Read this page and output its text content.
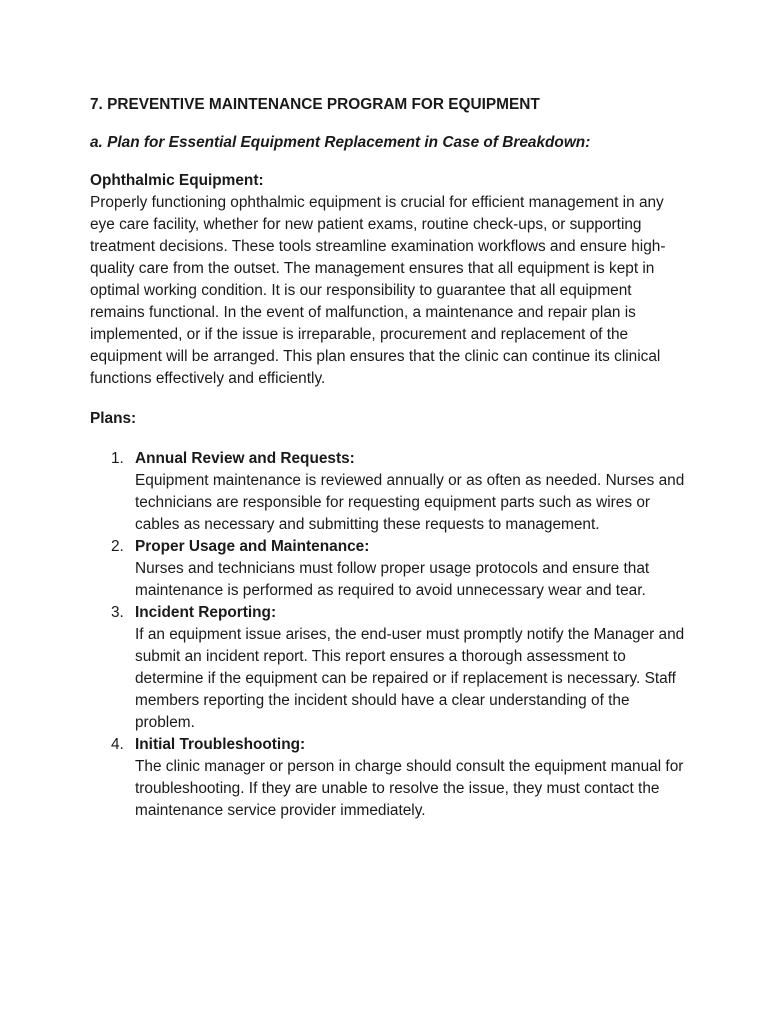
7. PREVENTIVE MAINTENANCE PROGRAM FOR EQUIPMENT

a. Plan for Essential Equipment Replacement in Case of Breakdown:

Ophthalmic Equipment:

Properly functioning ophthalmic equipment is crucial for efficient management in any eye care facility, whether for new patient exams, routine check-ups, or supporting treatment decisions. These tools streamline examination workflows and ensure high-quality care from the outset. The management ensures that all equipment is kept in optimal working condition. It is our responsibility to guarantee that all equipment remains functional. In the event of malfunction, a maintenance and repair plan is implemented, or if the issue is irreparable, procurement and replacement of the equipment will be arranged. This plan ensures that the clinic can continue its clinical functions effectively and efficiently.

Plans:

1. Annual Review and Requests:
Equipment maintenance is reviewed annually or as often as needed. Nurses and technicians are responsible for requesting equipment parts such as wires or cables as necessary and submitting these requests to management.
2. Proper Usage and Maintenance:
Nurses and technicians must follow proper usage protocols and ensure that maintenance is performed as required to avoid unnecessary wear and tear.
3. Incident Reporting:
If an equipment issue arises, the end-user must promptly notify the Manager and submit an incident report. This report ensures a thorough assessment to determine if the equipment can be repaired or if replacement is necessary. Staff members reporting the incident should have a clear understanding of the problem.
4. Initial Troubleshooting:
The clinic manager or person in charge should consult the equipment manual for troubleshooting. If they are unable to resolve the issue, they must contact the maintenance service provider immediately.
